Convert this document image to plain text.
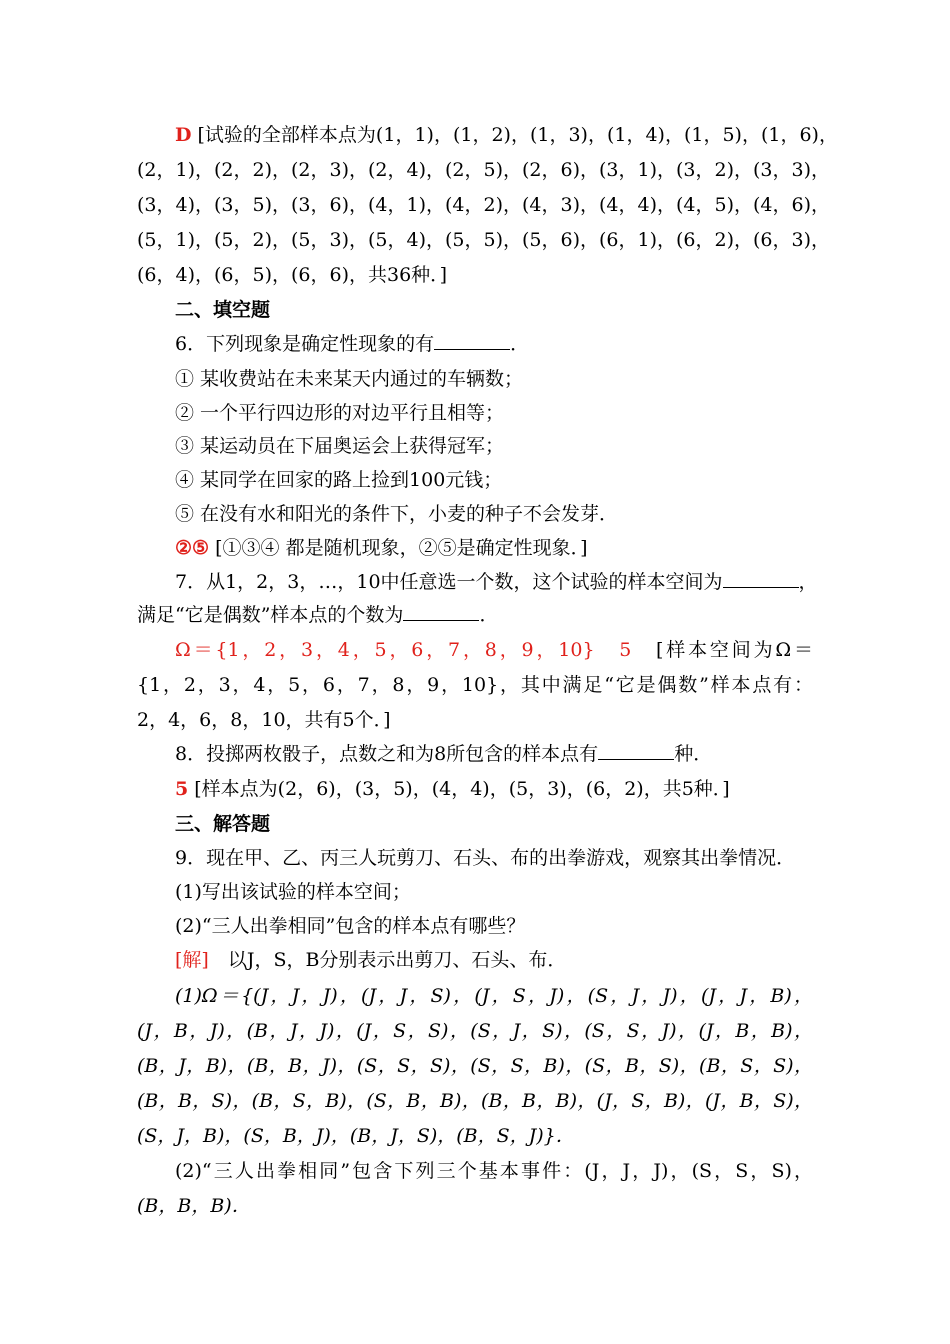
D [试验的全部样本点为(1，1)，(1，2)，(1，3)，(1，4)，(1，5)，(1，6)，
(2，1)，(2，2)，(2，3)，(2，4)，(2，5)，(2，6)，(3，1)，(3，2)，(3，3)，
(3，4)，(3，5)，(3，6)，(4，1)，(4，2)，(4，3)，(4，4)，(4，5)，(4，6)，
(5，1)，(5，2)，(5，3)，(5，4)，(5，5)，(5，6)，(6，1)，(6，2)，(6，3)，
(6，4)，(6，5)，(6，6)，共36种．]
二、填空题
6．下列现象是确定性现象的有	．
① 某收费站在未来某天内通过的车辆数；
② 一个平行四边形的对边平行且相等；
③ 某运动员在下届奥运会上获得冠军；
④ 某同学在回家的路上捡到100元钱；
⑤ 在没有水和阳光的条件下，小麦的种子不会发芽．
②⑤ [①③④ 都是随机现象，②⑤是确定性现象．]
7．从1，2，3，…，10中任意选一个数，这个试验的样本空间为	，
满足“它是偶数”样本点的个数为	．
Ω＝{1，2，3，4，5，6，7，8，9，10}　5　[样本空间为Ω＝
{1，2，3，4，5，6，7，8，9，10}，其中满足“它是偶数”样本点有：
2，4，6，8，10，共有5个．]
8．投掷两枚骰子，点数之和为8所包含的样本点有	种．
5 [样本点为(2，6)，(3，5)，(4，4)，(5，3)，(6，2)，共5种．]
三、解答题
9．现在甲、乙、丙三人玩剪刀、石头、布的出拳游戏，观察其出拳情况．
(1)写出该试验的样本空间；
(2)“三人出拳相同”包含的样本点有哪些？
[解]　以J，S，B分别表示出剪刀、石头、布．
(1)Ω＝{(J，J，J)，(J，J，S)，(J，S，J)，(S，J，J)，(J，J，B)，
(J，B，J)，(B，J，J)，(J，S，S)，(S，J，S)，(S，S，J)，(J，B，B)，
(B，J，B)，(B，B，J)，(S，S，S)，(S，S，B)，(S，B，S)，(B，S，S)，
(B，B，S)，(B，S，B)，(S，B，B)，(B，B，B)，(J，S，B)，(J，B，S)，
(S，J，B)，(S，B，J)，(B，J，S)，(B，S，J)}．
(2)“三人出拳相同”包含下列三个基本事件：(J，J，J)，(S，S，S)，
(B，B，B)．
